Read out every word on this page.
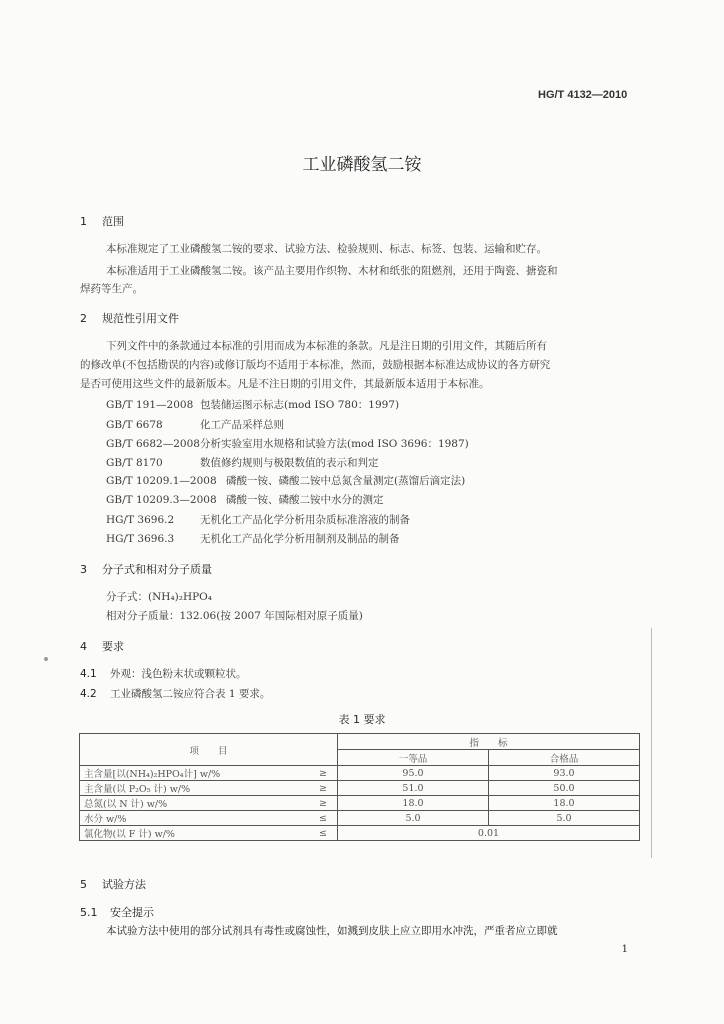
HG/T 4132—2010
工业磷酸氢二铵
1 范围
本标准规定了工业磷酸氢二铵的要求、试验方法、检验规则、标志、标签、包装、运输和贮存。
本标准适用于工业磷酸氢二铵。该产品主要用作织物、木材和纸张的阻燃剂，还用于陶瓷、搪瓷和
焊药等生产。
2 规范性引用文件
下列文件中的条款通过本标准的引用而成为本标准的条款。凡是注日期的引用文件，其随后所有
的修改单(不包括勘误的内容)或修订版均不适用于本标准，然而，鼓励根据本标准达成协议的各方研究
是否可使用这些文件的最新版本。凡是不注日期的引用文件，其最新版本适用于本标准。
GB/T 191—2008 包装储运图示标志(mod ISO 780：1997)
GB/T 6678	化工产品采样总则
GB/T 6682—2008分析实验室用水规格和试验方法(mod ISO 3696：1987)
GB/T 8170	数值修约规则与极限数值的表示和判定
GB/T 10209.1—2008 磷酸一铵、磷酸二铵中总氮含量测定(蒸馏后滴定法)
GB/T 10209.3—2008 磷酸一铵、磷酸二铵中水分的测定
HG/T 3696.2 无机化工产品化学分析用杂质标准溶液的制备
HG/T 3696.3 无机化工产品化学分析用制剂及制品的制备
3 分子式和相对分子质量
分子式：(NH₄)₂HPO₄
相对分子质量：132.06(按 2007 年国际相对原子质量)
4 要求
4.1 外观：浅色粉末状或颗粒状。
4.2 工业磷酸氢二铵应符合表 1 要求。
表 1 要求
项　　目		指　　标	
		一等品	合格品
主含量[以(NH₄)₂HPO₄计] w/%	≥	95.0	93.0
主含量(以 P₂O₅ 计) w/%	≥	51.0	50.0
总氮(以 N 计) w/%	≥	18.0	18.0
水分 w/%	≤	5.0	5.0
氯化物(以 F 计) w/%	≤	0.01	
5 试验方法
5.1 安全提示
本试验方法中使用的部分试剂具有毒性或腐蚀性，如溅到皮肤上应立即用水冲洗，严重者应立即就
1
